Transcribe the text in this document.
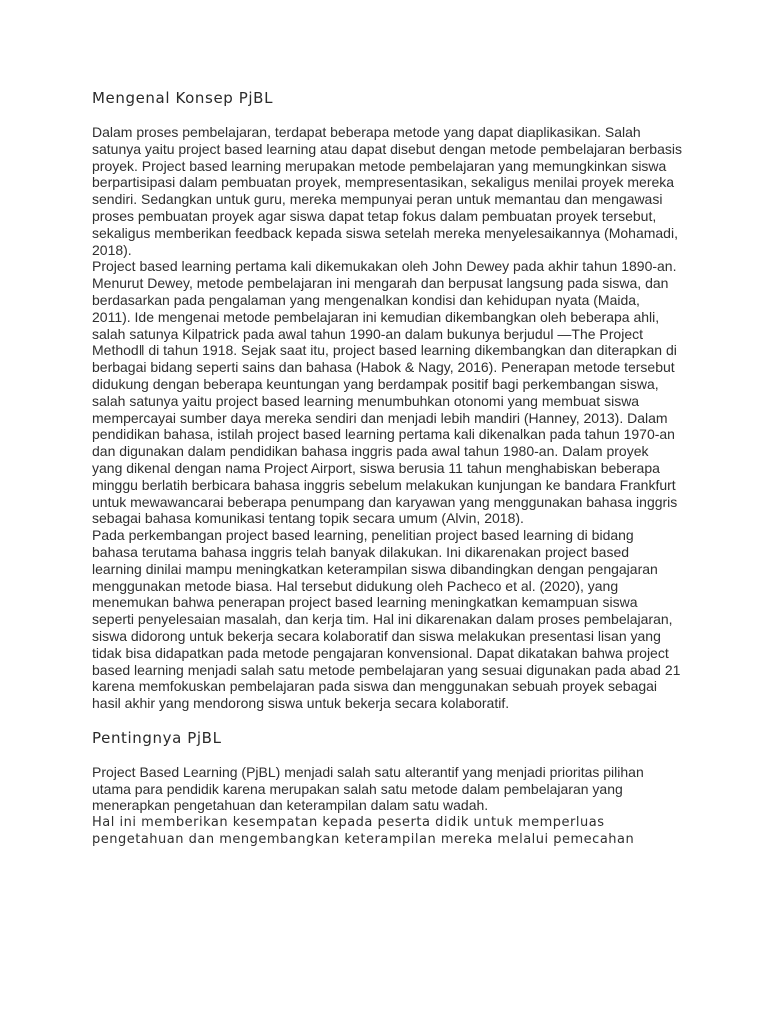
Mengenal Konsep PjBL

Dalam proses pembelajaran, terdapat beberapa metode yang dapat diaplikasikan. Salah satunya yaitu project based learning atau dapat disebut dengan metode pembelajaran berbasis proyek. Project based learning merupakan metode pembelajaran yang memungkinkan siswa berpartisipasi dalam pembuatan proyek, mempresentasikan, sekaligus menilai proyek mereka sendiri. Sedangkan untuk guru, mereka mempunyai peran untuk memantau dan mengawasi proses pembuatan proyek agar siswa dapat tetap fokus dalam pembuatan proyek tersebut, sekaligus memberikan feedback kepada siswa setelah mereka menyelesaikannya (Mohamadi, 2018).

Project based learning pertama kali dikemukakan oleh John Dewey pada akhir tahun 1890-an. Menurut Dewey, metode pembelajaran ini mengarah dan berpusat langsung pada siswa, dan berdasarkan pada pengalaman yang mengenalkan kondisi dan kehidupan nyata (Maida, 2011). Ide mengenai metode pembelajaran ini kemudian dikembangkan oleh beberapa ahli, salah satunya Kilpatrick pada awal tahun 1990-an dalam bukunya berjudul ―The Project Method‖ di tahun 1918. Sejak saat itu, project based learning dikembangkan dan diterapkan di berbagai bidang seperti sains dan bahasa (Habok & Nagy, 2016). Penerapan metode tersebut didukung dengan beberapa keuntungan yang berdampak positif bagi perkembangan siswa, salah satunya yaitu project based learning menumbuhkan otonomi yang membuat siswa mempercayai sumber daya mereka sendiri dan menjadi lebih mandiri (Hanney, 2013). Dalam pendidikan bahasa, istilah project based learning pertama kali dikenalkan pada tahun 1970-an dan digunakan dalam pendidikan bahasa inggris pada awal tahun 1980-an. Dalam proyek yang dikenal dengan nama Project Airport, siswa berusia 11 tahun menghabiskan beberapa minggu berlatih berbicara bahasa inggris sebelum melakukan kunjungan ke bandara Frankfurt untuk mewawancarai beberapa penumpang dan karyawan yang menggunakan bahasa inggris sebagai bahasa komunikasi tentang topik secara umum (Alvin, 2018).

Pada perkembangan project based learning, penelitian project based learning di bidang bahasa terutama bahasa inggris telah banyak dilakukan. Ini dikarenakan project based learning dinilai mampu meningkatkan keterampilan siswa dibandingkan dengan pengajaran menggunakan metode biasa. Hal tersebut didukung oleh Pacheco et al. (2020), yang menemukan bahwa penerapan project based learning meningkatkan kemampuan siswa seperti penyelesaian masalah, dan kerja tim. Hal ini dikarenakan dalam proses pembelajaran, siswa didorong untuk bekerja secara kolaboratif dan siswa melakukan presentasi lisan yang tidak bisa didapatkan pada metode pengajaran konvensional. Dapat dikatakan bahwa project based learning menjadi salah satu metode pembelajaran yang sesuai digunakan pada abad 21 karena memfokuskan pembelajaran pada siswa dan menggunakan sebuah proyek sebagai hasil akhir yang mendorong siswa untuk bekerja secara kolaboratif.

Pentingnya PjBL

Project Based Learning (PjBL) menjadi salah satu alterantif yang menjadi prioritas pilihan utama para pendidik karena merupakan salah satu metode dalam pembelajaran yang menerapkan pengetahuan dan keterampilan dalam satu wadah.

Hal ini memberikan kesempatan kepada peserta didik untuk memperluas pengetahuan dan mengembangkan keterampilan mereka melalui pemecahan
